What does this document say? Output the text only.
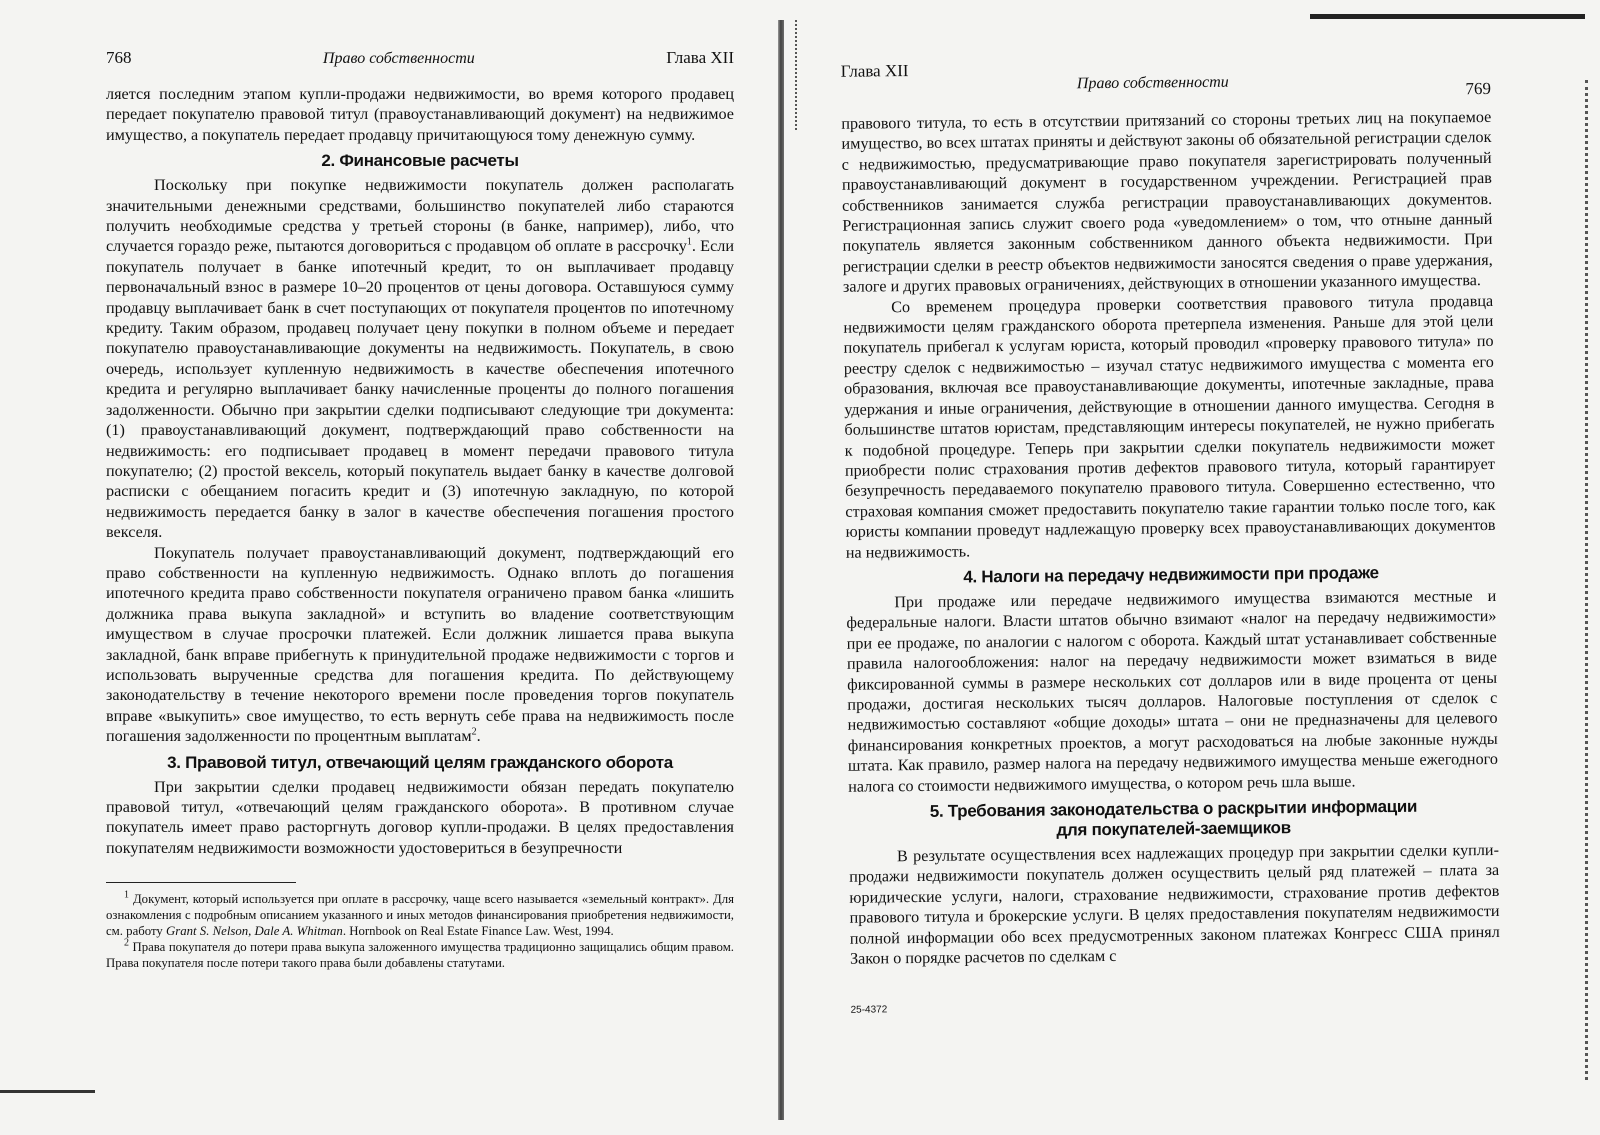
768	Право собственности	Глава XII

ляется последним этапом купли-продажи недвижимости, во время которого продавец передает покупателю правовой титул (правоустанавливающий документ) на недвижимое имущество, а покупатель передает продавцу причитающуюся тому денежную сумму.

2. Финансовые расчеты

Поскольку при покупке недвижимости покупатель должен располагать значительными денежными средствами, большинство покупателей либо стараются получить необходимые средства у третьей стороны (в банке, например), либо, что случается гораздо реже, пытаются договориться с продавцом об оплате в рассрочку$^1$. Если покупатель получает в банке ипотечный кредит, то он выплачивает продавцу первоначальный взнос в размере 10–20 процентов от цены договора. Оставшуюся сумму продавцу выплачивает банк в счет поступающих от покупателя процентов по ипотечному кредиту. Таким образом, продавец получает цену покупки в полном объеме и передает покупателю правоустанавливающие документы на недвижимость. Покупатель, в свою очередь, использует купленную недвижимость в качестве обеспечения ипотечного кредита и регулярно выплачивает банку начисленные проценты до полного погашения задолженности. Обычно при закрытии сделки подписывают следующие три документа: (1) правоустанавливающий документ, подтверждающий право собственности на недвижимость: его подписывает продавец в момент передачи правового титула покупателю; (2) простой вексель, который покупатель выдает банку в качестве долговой расписки с обещанием погасить кредит и (3) ипотечную закладную, по которой недвижимость передается банку в залог в качестве обеспечения погашения простого векселя.

Покупатель получает правоустанавливающий документ, подтверждающий его право собственности на купленную недвижимость. Однако вплоть до погашения ипотечного кредита право собственности покупателя ограничено правом банка «лишить должника права выкупа закладной» и вступить во владение соответствующим имуществом в случае просрочки платежей. Если должник лишается права выкупа закладной, банк вправе прибегнуть к принудительной продаже недвижимости с торгов и использовать вырученные средства для погашения кредита. По действующему законодательству в течение некоторого времени после проведения торгов покупатель вправе «выкупить» свое имущество, то есть вернуть себе права на недвижимость после погашения задолженности по процентным выплатам$^2$.

3. Правовой титул, отвечающий целям гражданского оборота

При закрытии сделки продавец недвижимости обязан передать покупателю правовой титул, «отвечающий целям гражданского оборота». В противном случае покупатель имеет право расторгнуть договор купли-продажи. В целях предоставления покупателям недвижимости возможности удостовериться в безупречности

$^1$ Документ, который используется при оплате в рассрочку, чаще всего называется «земельный контракт». Для ознакомления с подробным описанием указанного и иных методов финансирования приобретения недвижимости, см. работу Grant S. Nelson, Dale A. Whitman. Hornbook on Real Estate Finance Law. West, 1994.

$^2$ Права покупателя до потери права выкупа заложенного имущества традиционно защищались общим правом. Права покупателя после потери такого права были добавлены статутами.

Глава XII
Право собственности	769

правового титула, то есть в отсутствии притязаний со стороны третьих лиц на покупаемое имущество, во всех штатах приняты и действуют законы об обязательной регистрации сделок с недвижимостью, предусматривающие право покупателя зарегистрировать полученный правоустанавливающий документ в государственном учреждении. Регистрацией прав собственников занимается служба регистрации правоустанавливающих документов. Регистрационная запись служит своего рода «уведомлением» о том, что отныне данный покупатель является законным собственником данного объекта недвижимости. При регистрации сделки в реестр объектов недвижимости заносятся сведения о праве удержания, залоге и других правовых ограничениях, действующих в отношении указанного имущества.

Со временем процедура проверки соответствия правового титула продавца недвижимости целям гражданского оборота претерпела изменения. Раньше для этой цели покупатель прибегал к услугам юриста, который проводил «проверку правового титула» по реестру сделок с недвижимостью – изучал статус недвижимого имущества с момента его образования, включая все правоустанавливающие документы, ипотечные закладные, права удержания и иные ограничения, действующие в отношении данного имущества. Сегодня в большинстве штатов юристам, представляющим интересы покупателей, не нужно прибегать к подобной процедуре. Теперь при закрытии сделки покупатель недвижимости может приобрести полис страхования против дефектов правового титула, который гарантирует безупречность передаваемого покупателю правового титула. Совершенно естественно, что страховая компания сможет предоставить покупателю такие гарантии только после того, как юристы компании проведут надлежащую проверку всех правоустанавливающих документов на недвижимость.

4. Налоги на передачу недвижимости при продаже

При продаже или передаче недвижимого имущества взимаются местные и федеральные налоги. Власти штатов обычно взимают «налог на передачу недвижимости» при ее продаже, по аналогии с налогом с оборота. Каждый штат устанавливает собственные правила налогообложения: налог на передачу недвижимости может взиматься в виде фиксированной суммы в размере нескольких сот долларов или в виде процента от цены продажи, достигая нескольких тысяч долларов. Налоговые поступления от сделок с недвижимостью составляют «общие доходы» штата – они не предназначены для целевого финансирования конкретных проектов, а могут расходоваться на любые законные нужды штата. Как правило, размер налога на передачу недвижимого имущества меньше ежегодного налога со стоимости недвижимого имущества, о котором речь шла выше.

5. Требования законодательства о раскрытии информации
для покупателей-заемщиков

В результате осуществления всех надлежащих процедур при закрытии сделки купли-продажи недвижимости покупатель должен осуществить целый ряд платежей – плата за юридические услуги, налоги, страхование недвижимости, страхование против дефектов правового титула и брокерские услуги. В целях предоставления покупателям недвижимости полной информации обо всех предусмотренных законом платежах Конгресс США принял Закон о порядке расчетов по сделкам с

25-4372
